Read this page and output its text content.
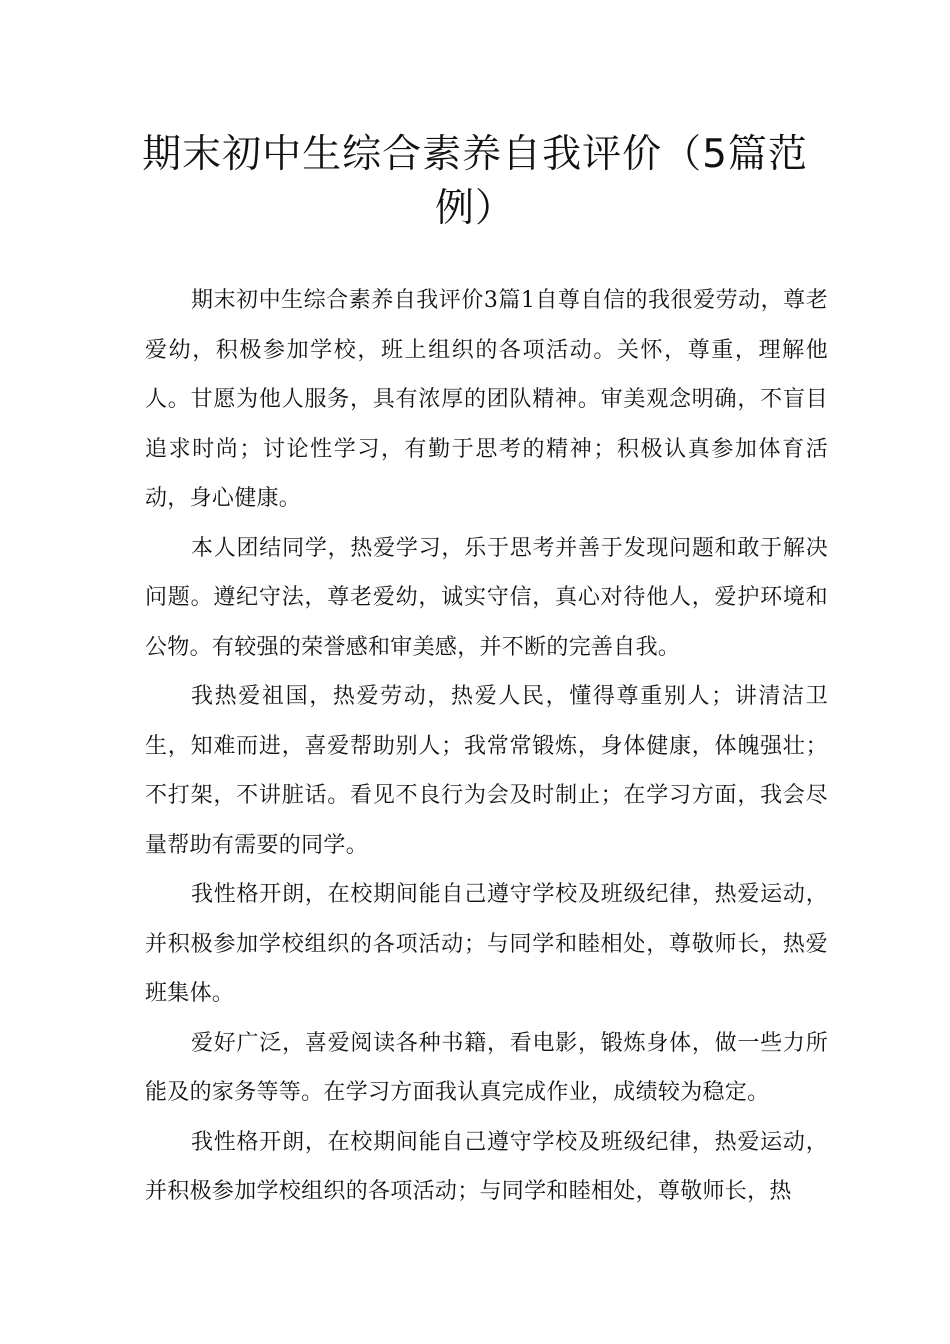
期末初中生综合素养自我评价（5篇范例）

期末初中生综合素养自我评价3篇1自尊自信的我很爱劳动，尊老爱幼，积极参加学校，班上组织的各项活动。关怀，尊重，理解他人。甘愿为他人服务，具有浓厚的团队精神。审美观念明确，不盲目追求时尚；讨论性学习，有勤于思考的精神；积极认真参加体育活动，身心健康。

本人团结同学，热爱学习，乐于思考并善于发现问题和敢于解决问题。遵纪守法，尊老爱幼，诚实守信，真心对待他人，爱护环境和公物。有较强的荣誉感和审美感，并不断的完善自我。

我热爱祖国，热爱劳动，热爱人民，懂得尊重别人；讲清洁卫生，知难而进，喜爱帮助别人；我常常锻炼，身体健康，体魄强壮；不打架，不讲脏话。看见不良行为会及时制止；在学习方面，我会尽量帮助有需要的同学。

我性格开朗，在校期间能自己遵守学校及班级纪律，热爱运动，并积极参加学校组织的各项活动；与同学和睦相处，尊敬师长，热爱班集体。

爱好广泛，喜爱阅读各种书籍，看电影，锻炼身体，做一些力所能及的家务等等。在学习方面我认真完成作业，成绩较为稳定。

我性格开朗，在校期间能自己遵守学校及班级纪律，热爱运动，并积极参加学校组织的各项活动；与同学和睦相处，尊敬师长，热
